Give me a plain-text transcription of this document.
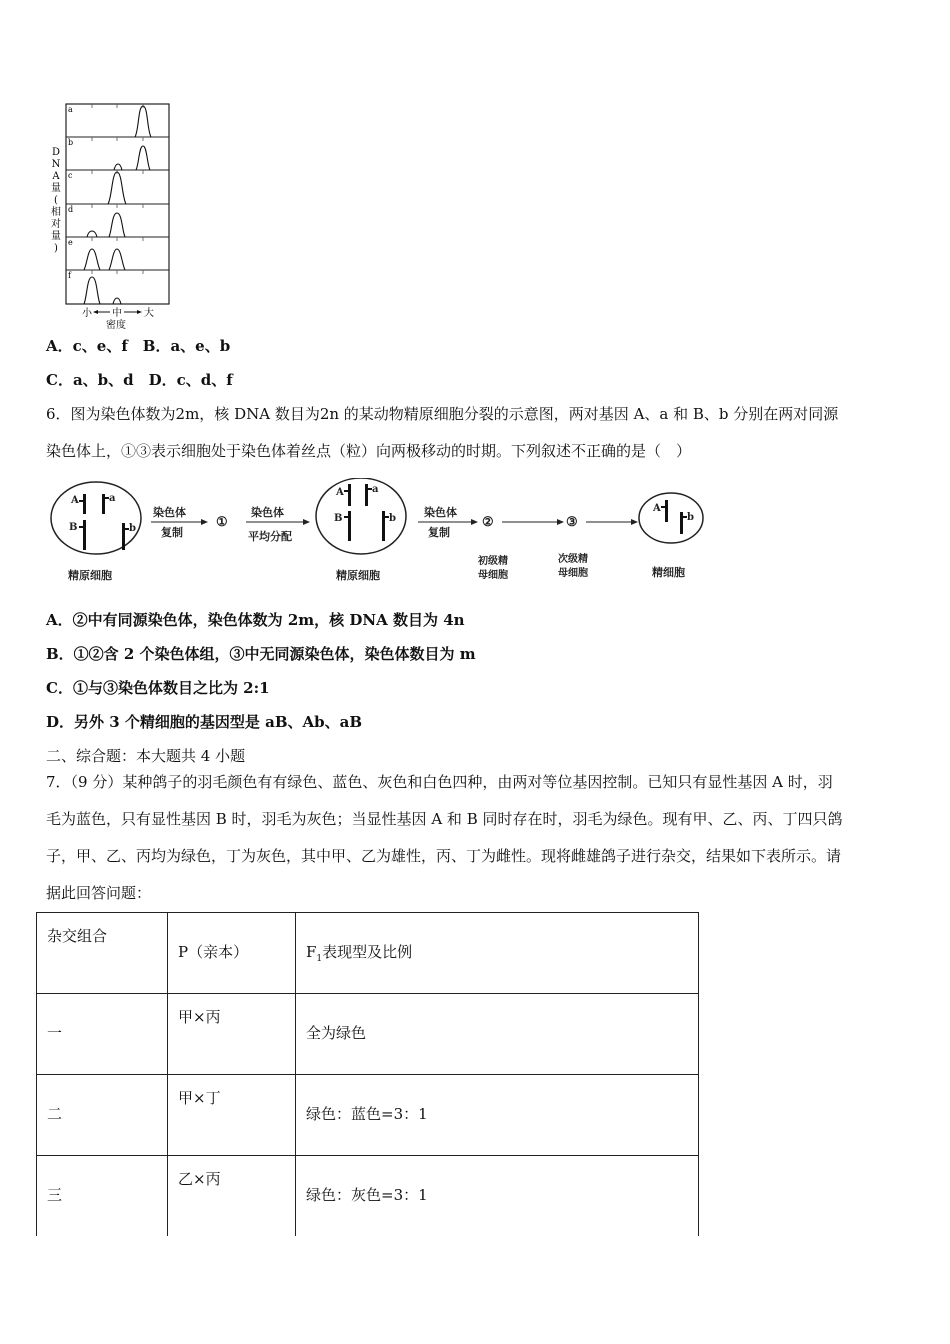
D N A 量(相对量)
a
b
c
d
e
f
小 中 大
密度
A．c、e、f　B．a、e、b
C．a、b、d　D．c、d、f
6．图为染色体数为2m，核 DNA 数目为2n 的某动物精原细胞分裂的示意图，两对基因 A、a 和 B、b 分别在两对同源
染色体上，①③表示细胞处于染色体着丝点（粒）向两极移动的时期。下列叙述不正确的是（　）
A	a
B	b
精原细胞
染色体
复制
①
染色体
平均分配
A	a
B	b
精原细胞
染色体
复制
②
初级精
母细胞
③
次级精
母细胞
A
b
精细胞
A．②中有同源染色体，染色体数为 2m，核 DNA 数目为 4n
B．①②含 2 个染色体组，③中无同源染色体，染色体数目为 m
C．①与③染色体数目之比为 2:1
D．另外 3 个精细胞的基因型是 aB、Ab、aB
二、综合题：本大题共 4 小题
7．（9 分）某种鸽子的羽毛颜色有有绿色、蓝色、灰色和白色四种，由两对等位基因控制。已知只有显性基因 A 时，羽
毛为蓝色，只有显性基因 B 时，羽毛为灰色；当显性基因 A 和 B 同时存在时，羽毛为绿色。现有甲、乙、丙、丁四只鸽
子，甲、乙、丙均为绿色，丁为灰色，其中甲、乙为雄性，丙、丁为雌性。现将雌雄鸽子进行杂交，结果如下表所示。请
据此回答问题：
杂交组合	P（亲本）	$F_1$表现型及比例

一	甲×丙	全为绿色

二	甲×丁	绿色：蓝色=3：1

三	乙×丙	绿色：灰色=3：1
